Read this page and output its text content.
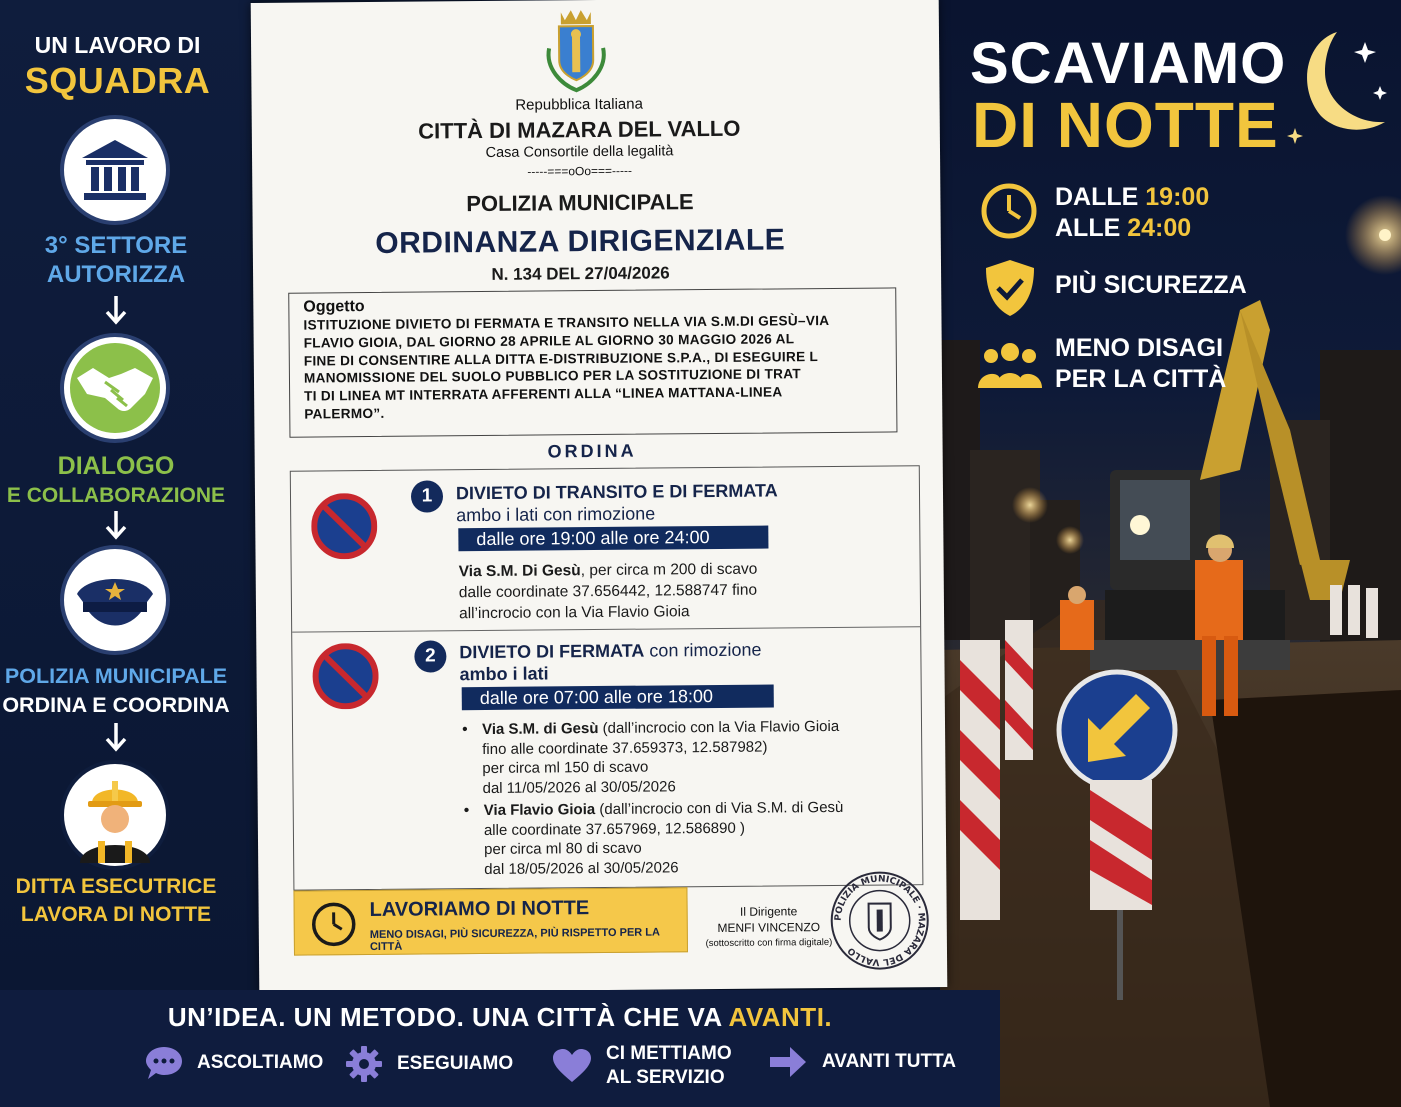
UN LAVORO DI
SQUADRA
3° SETTORE
AUTORIZZA
DIALOGO
E COLLABORAZIONE
POLIZIA MUNICIPALE
ORDINA E COORDINA
DITTA ESECUTRICE
LAVORA DI NOTTE
SCAVIAMO
DI NOTTE
DALLE 19:00
ALLE 24:00
PIÙ SICUREZZA
MENO DISAGI
PER LA CITTÀ
Repubblica Italiana
CITTÀ DI MAZARA DEL VALLO
Casa Consortile della legalità
-----===oOo===-----
POLIZIA MUNICIPALE
ORDINANZA DIRIGENZIALE
N. 134 DEL 27/04/2026
Oggetto
ISTITUZIONE DIVIETO DI FERMATA E TRANSITO NELLA VIA S.M.DI GESÙ–VIA
FLAVIO GIOIA, DAL GIORNO 28 APRILE AL GIORNO 30 MAGGIO 2026 AL
FINE DI CONSENTIRE ALLA DITTA E-DISTRIBUZIONE S.P.A., DI ESEGUIRE L
MANOMISSIONE DEL SUOLO PUBBLICO PER LA SOSTITUZIONE DI TRAT
TI DI LINEA MT INTERRATA AFFERENTI ALLA “LINEA MATTANA-LINEA
PALERMO”.
ORDINA
1	DIVIETO DI TRANSITO E DI FERMATA
ambo i lati con rimozione
dalle ore 19:00 alle ore 24:00
Via S.M. Di Gesù, per circa m 200 di scavo
dalle coordinate 37.656442, 12.588747 fino
all’incrocio con la Via Flavio Gioia
2	DIVIETO DI FERMATA con rimozione
ambo i lati
dalle ore 07:00 alle ore 18:00
• Via S.M. di Gesù (dall’incrocio con la Via Flavio Gioia
fino alle coordinate 37.659373, 12.587982)
per circa ml 150 di scavo
dal 11/05/2026 al 30/05/2026
• Via Flavio Gioia (dall’incrocio con di Via S.M. di Gesù
alle coordinate 37.657969, 12.586890 )
per circa ml 80 di scavo
dal 18/05/2026 al 30/05/2026
LAVORIAMO DI NOTTE
MENO DISAGI, PIÙ SICUREZZA, PIÙ RISPETTO PER LA CITTÀ
Il Dirigente
MENFI VINCENZO
(sottoscritto con firma digitale)
POLIZIA MUNICIPALE · MAZARA DEL VALLO
UN’IDEA. UN METODO. UNA CITTÀ CHE VA AVANTI.
ASCOLTIAMO	ESEGUIAMO	CI METTIAMO
AL SERVIZIO
AVANTI TUTTA
